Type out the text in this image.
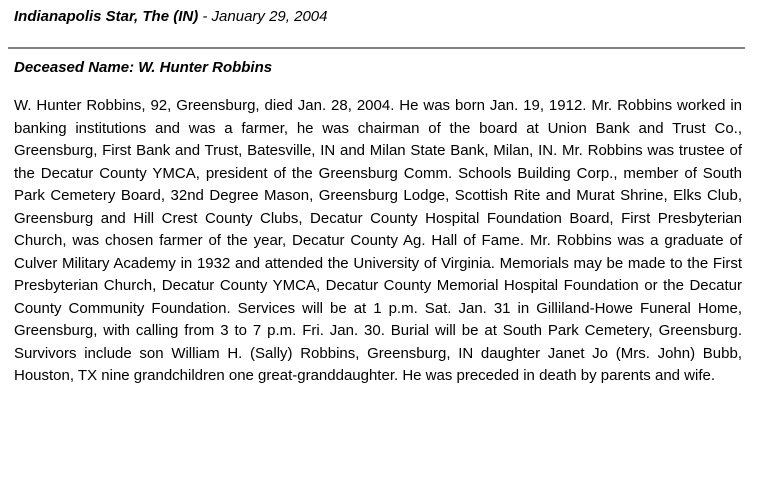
Indianapolis Star, The (IN) - January 29, 2004
Deceased Name: W. Hunter Robbins

W. Hunter Robbins, 92, Greensburg, died Jan. 28, 2004. He was born Jan. 19, 1912. Mr. Robbins worked in banking institutions and was a farmer, he was chairman of the board at Union Bank and Trust Co., Greensburg, First Bank and Trust, Batesville, IN and Milan State Bank, Milan, IN. Mr. Robbins was trustee of the Decatur County YMCA, president of the Greensburg Comm. Schools Building Corp., member of South Park Cemetery Board, 32nd Degree Mason, Greensburg Lodge, Scottish Rite and Murat Shrine, Elks Club, Greensburg and Hill Crest County Clubs, Decatur County Hospital Foundation Board, First Presbyterian Church, was chosen farmer of the year, Decatur County Ag. Hall of Fame. Mr. Robbins was a graduate of Culver Military Academy in 1932 and attended the University of Virginia. Memorials may be made to the First Presbyterian Church, Decatur County YMCA, Decatur County Memorial Hospital Foundation or the Decatur County Community Foundation. Services will be at 1 p.m. Sat. Jan. 31 in Gilliland-Howe Funeral Home, Greensburg, with calling from 3 to 7 p.m. Fri. Jan. 30. Burial will be at South Park Cemetery, Greensburg. Survivors include son William H. (Sally) Robbins, Greensburg, IN daughter Janet Jo (Mrs. John) Bubb, Houston, TX nine grandchildren one great-granddaughter. He was preceded in death by parents and wife.
